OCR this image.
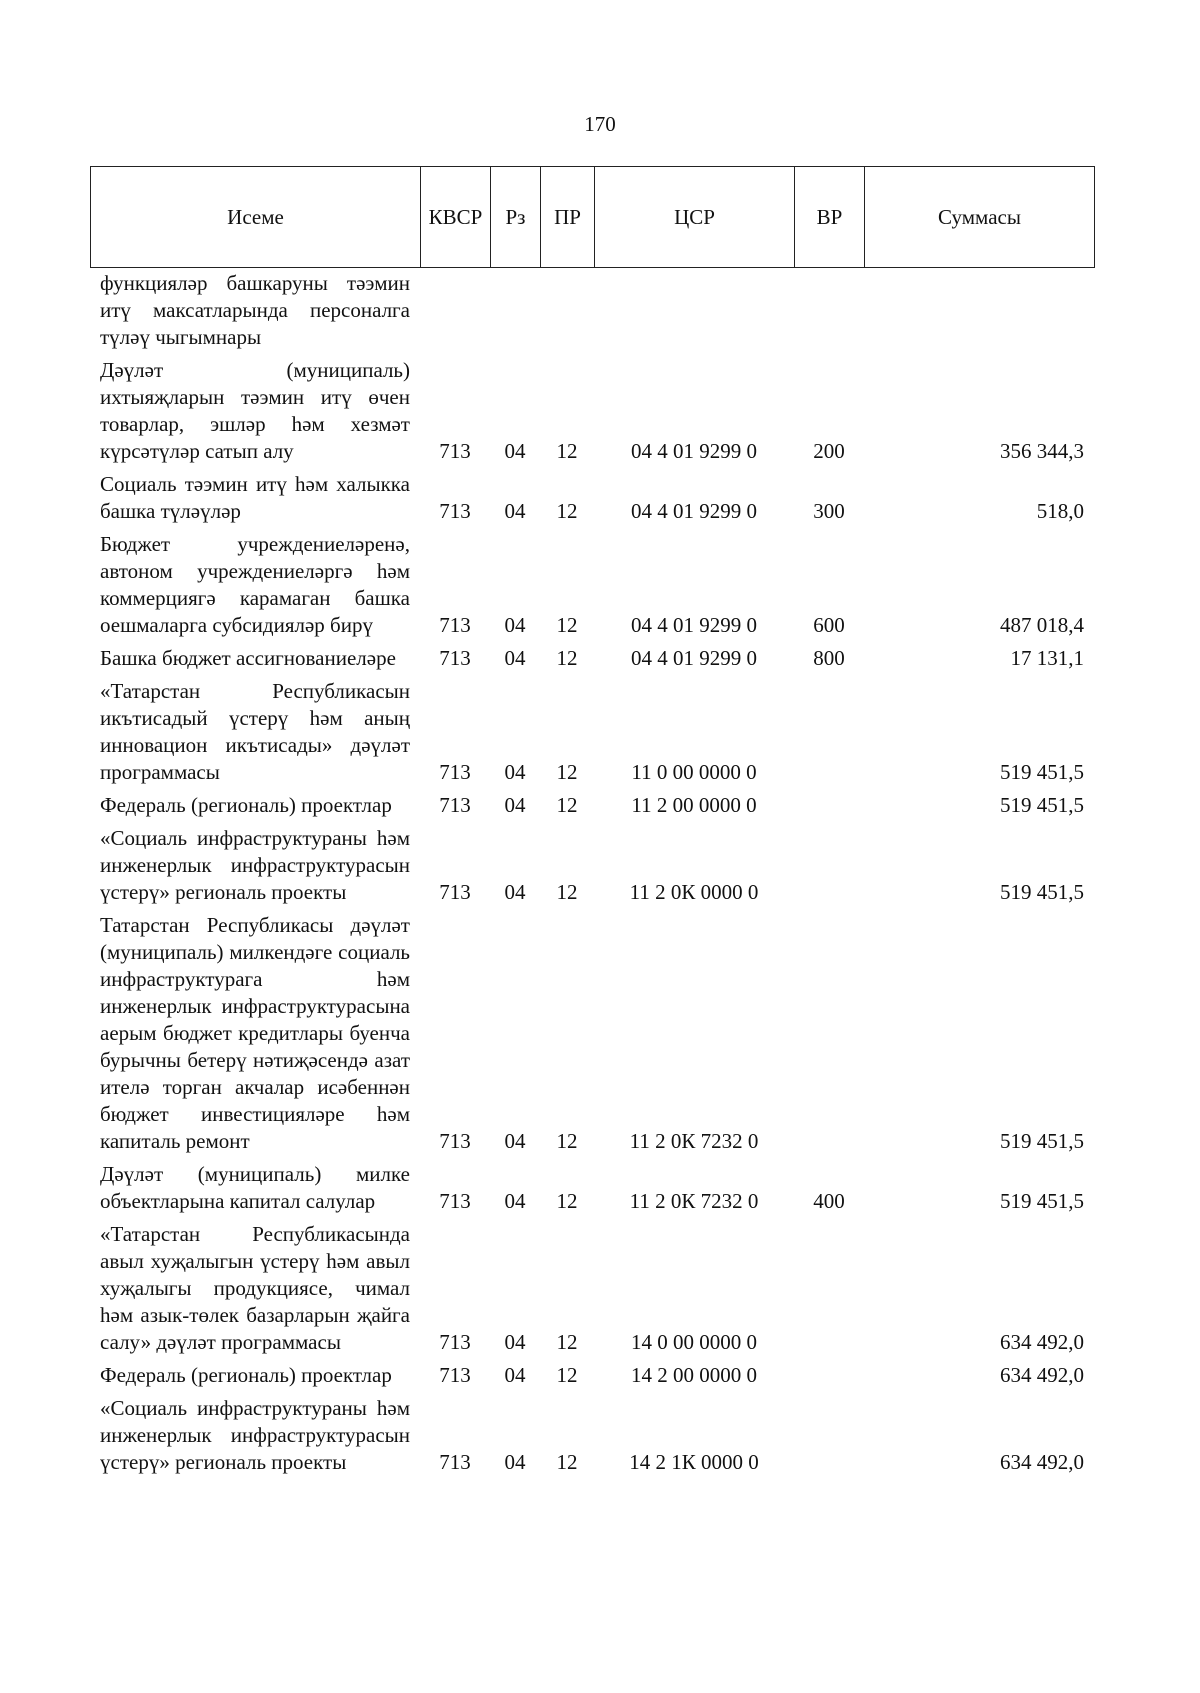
170
Исеме	КВСР	Рз	ПР	ЦСР	ВР	Суммасы
функцияләр башкаруны тәэмин итү максатларында персоналга түләү чыгымнары						
Дәүләт (муниципаль) ихтыяҗларын тәэмин итү өчен товарлар, эшләр һәм хезмәт күрсәтүләр сатып алу	713	04	12	04 4 01 9299 0	200	356 344,3
Социаль тәэмин итү һәм халыкка башка түләүләр	713	04	12	04 4 01 9299 0	300	518,0
Бюджет учреждениеләренә, автоном учреждениеләргә һәм коммерциягә карамаган башка оешмаларга субсидияләр бирү	713	04	12	04 4 01 9299 0	600	487 018,4
Башка бюджет ассигнованиеләре	713	04	12	04 4 01 9299 0	800	17 131,1
«Татарстан Республикасын икътисадый үстерү һәм аның инновацион икътисады» дәүләт программасы	713	04	12	11 0 00 0000 0		519 451,5
Федераль (региональ) проектлар	713	04	12	11 2 00 0000 0		519 451,5
«Социаль инфраструктураны һәм инженерлык инфраструктурасын үстерү» региональ проекты	713	04	12	11 2 0К 0000 0		519 451,5
Татарстан Республикасы дәүләт (муниципаль) милкендәге социаль инфраструктурага һәм инженерлык инфраструктурасына аерым бюджет кредитлары буенча бурычны бетерү нәтиҗәсендә азат ителә торган акчалар исәбеннән бюджет инвестицияләре һәм капиталь ремонт	713	04	12	11 2 0К 7232 0		519 451,5
Дәүләт (муниципаль) милке объектларына капитал салулар	713	04	12	11 2 0К 7232 0	400	519 451,5
«Татарстан Республикасында авыл хуҗалыгын үстерү һәм авыл хуҗалыгы продукциясе, чимал һәм азык-төлек базарларын җайга салу» дәүләт программасы	713	04	12	14 0 00 0000 0		634 492,0
Федераль (региональ) проектлар	713	04	12	14 2 00 0000 0		634 492,0
«Социаль инфраструктураны һәм инженерлык инфраструктурасын үстерү» региональ проекты	713	04	12	14 2 1К 0000 0		634 492,0
